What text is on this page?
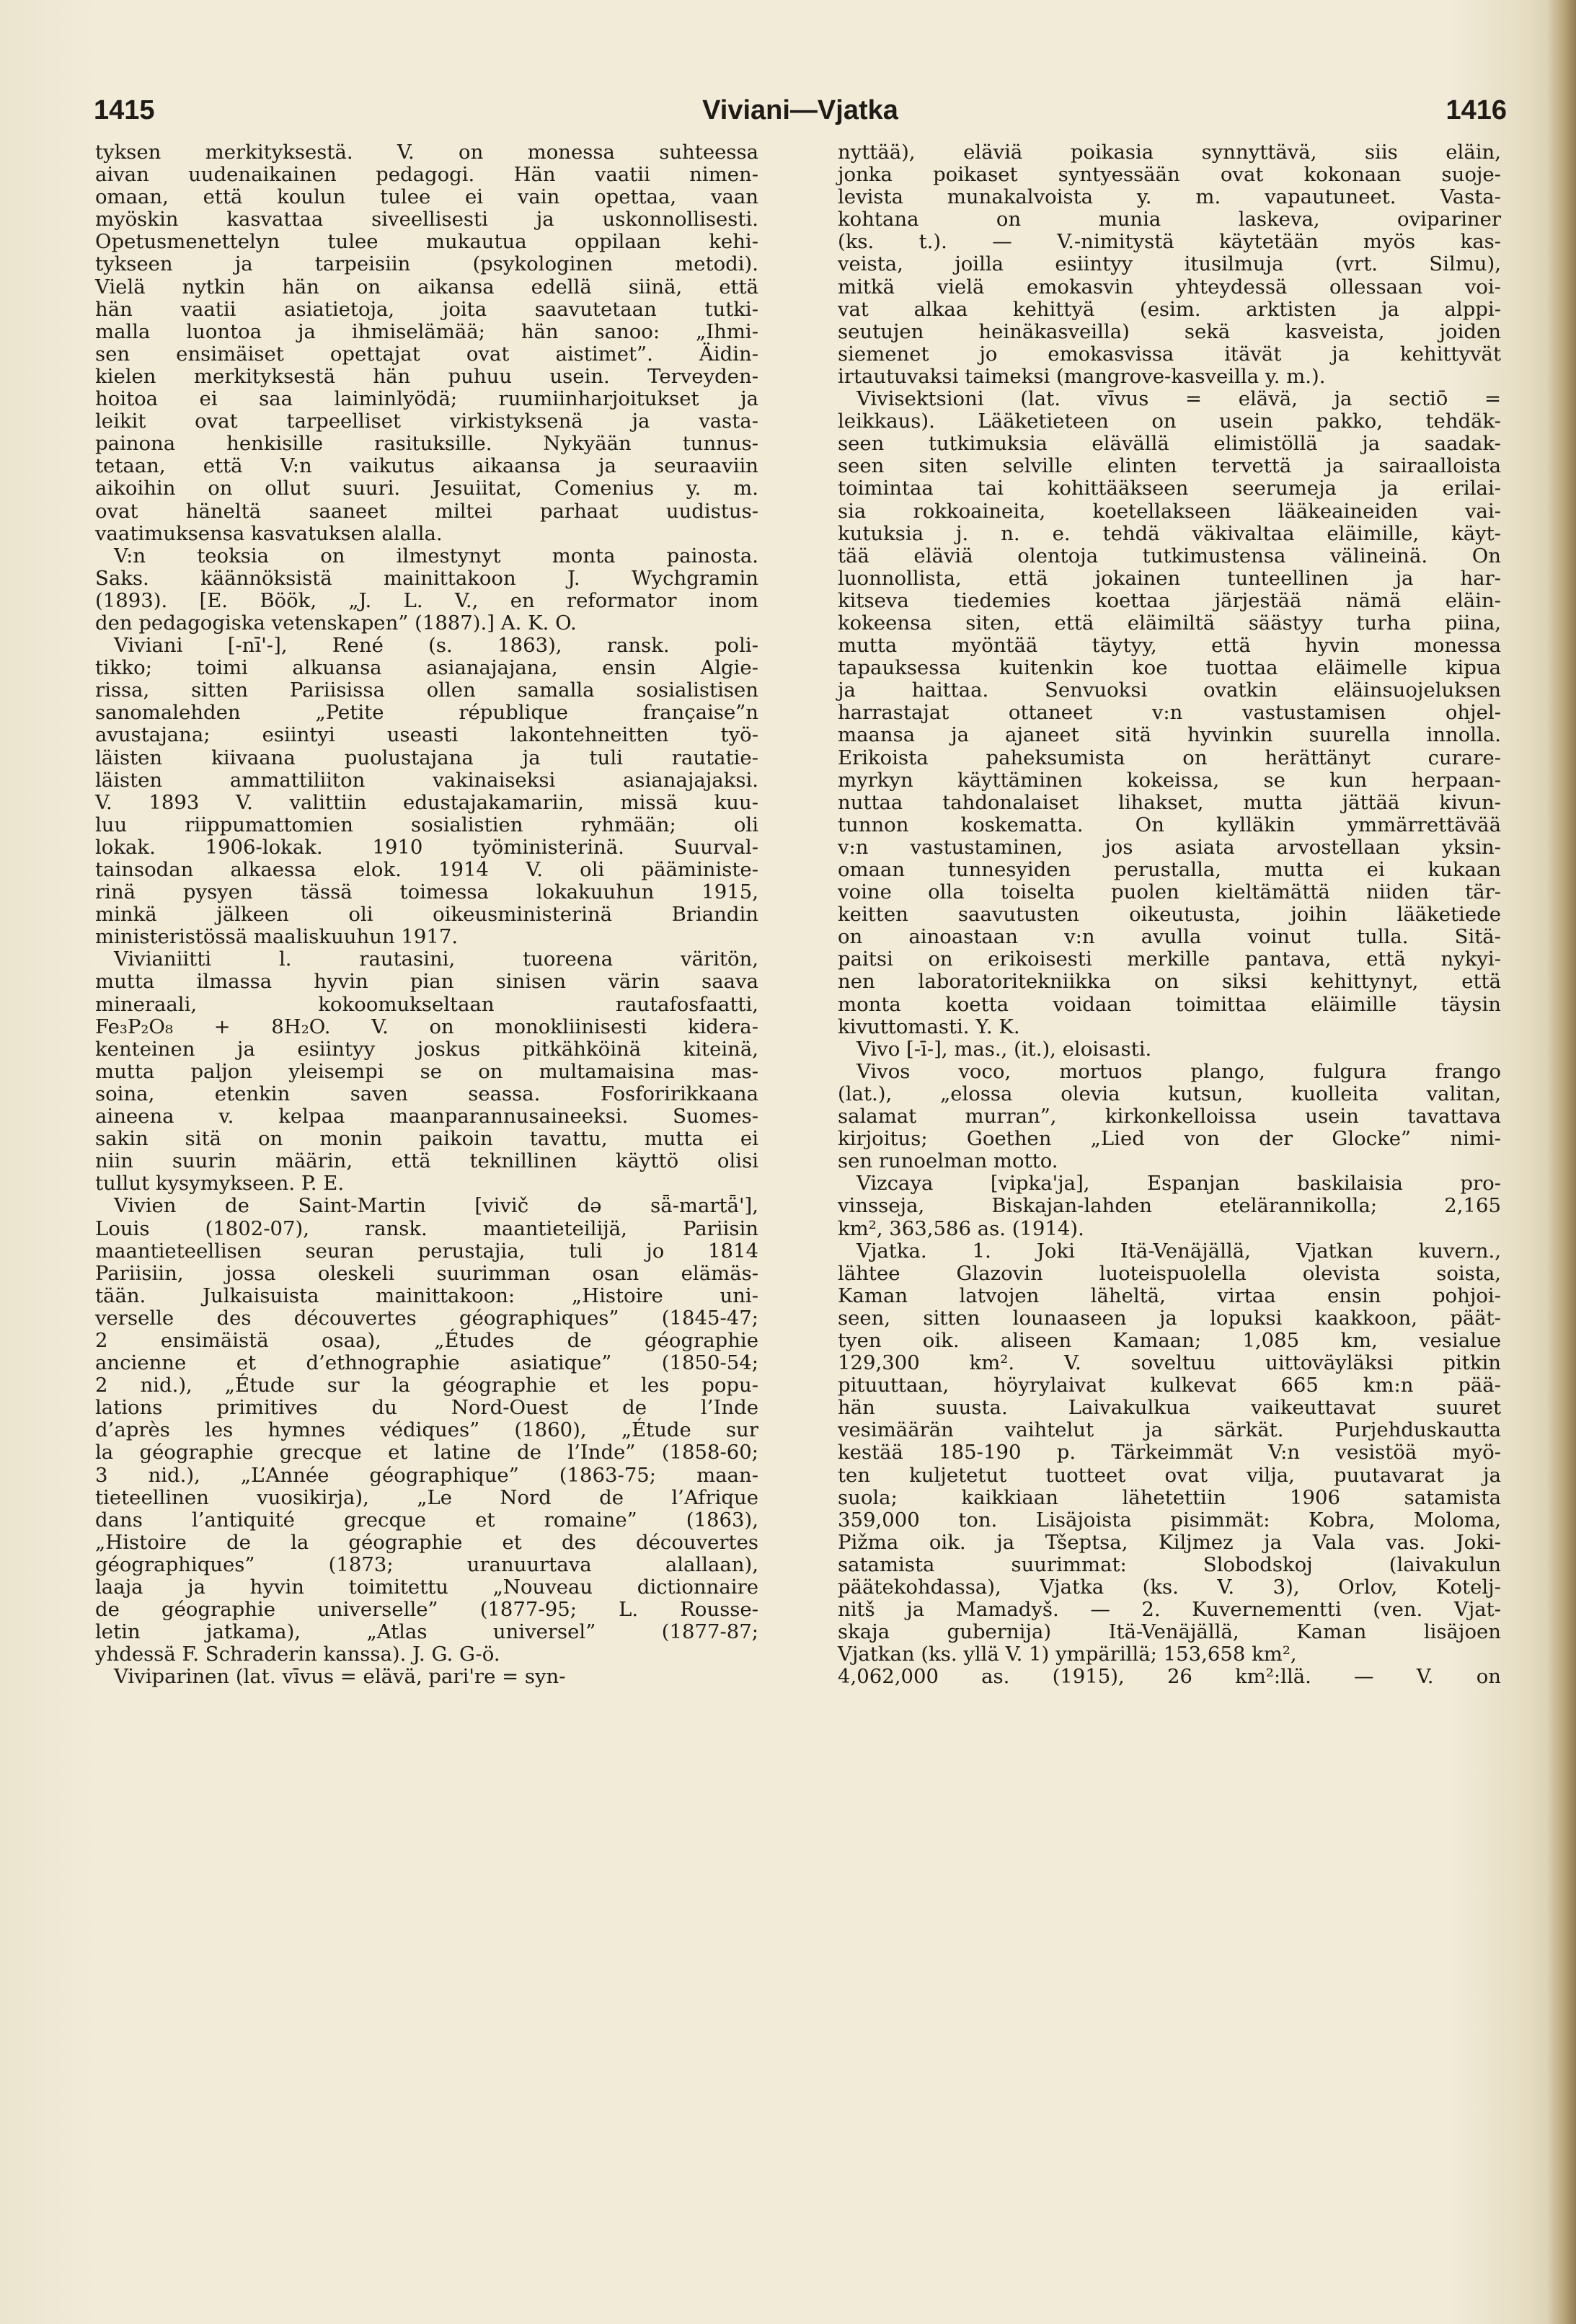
1415	Viviani—Vjatka	1416
tyksen merkityksestä. V. on monessa suhteessa
aivan uudenaikainen pedagogi. Hän vaatii nimen-
omaan, että koulun tulee ei vain opettaa, vaan
myöskin kasvattaa siveellisesti ja uskonnollisesti.
Opetusmenettelyn tulee mukautua oppilaan kehi-
tykseen ja tarpeisiin (psykologinen metodi).
Vielä nytkin hän on aikansa edellä siinä, että
hän vaatii asiatietoja, joita saavutetaan tutki-
malla luontoa ja ihmiselämää; hän sanoo: „Ihmi-
sen ensimäiset opettajat ovat aistimet”. Äidin-
kielen merkityksestä hän puhuu usein. Terveyden-
hoitoa ei saa laiminlyödä; ruumiinharjoitukset ja
leikit ovat tarpeelliset virkistyksenä ja vasta-
painona henkisille rasituksille. Nykyään tunnus-
tetaan, että V:n vaikutus aikaansa ja seuraaviin
aikoihin on ollut suuri. Jesuiitat, Comenius y. m.
ovat häneltä saaneet miltei parhaat uudistus-
vaatimuksensa kasvatuksen alalla.
V:n teoksia on ilmestynyt monta painosta.
Saks. käännöksistä mainittakoon J. Wychgramin
(1893). [E. Böök, „J. L. V., en reformator inom
den pedagogiska vetenskapen” (1887).] A. K. O.
Viviani [-nī'-], René (s. 1863), ransk. poli-
tikko; toimi alkuansa asianajajana, ensin Algie-
rissa, sitten Pariisissa ollen samalla sosialistisen
sanomalehden „Petite république française”n
avustajana; esiintyi useasti lakontehneitten työ-
läisten kiivaana puolustajana ja tuli rautatie-
läisten ammattiliiton vakinaiseksi asianajajaksi.
V. 1893 V. valittiin edustajakamariin, missä kuu-
luu riippumattomien sosialistien ryhmään; oli
lokak. 1906-lokak. 1910 työministerinä. Suurval-
tainsodan alkaessa elok. 1914 V. oli pääministe-
rinä pysyen tässä toimessa lokakuuhun 1915,
minkä jälkeen oli oikeusministerinä Briandin
ministeristössä maaliskuuhun 1917.
Vivianiitti l. rautasini, tuoreena väritön,
mutta ilmassa hyvin pian sinisen värin saava
mineraali, kokoomukseltaan rautafosfaatti,
Fe₃P₂O₈ + 8H₂O. V. on monokliinisesti kidera-
kenteinen ja esiintyy joskus pitkähköinä kiteinä,
mutta paljon yleisempi se on multamaisina mas-
soina, etenkin saven seassa. Fosforirikkaana
aineena v. kelpaa maanparannusaineeksi. Suomes-
sakin sitä on monin paikoin tavattu, mutta ei
niin suurin määrin, että teknillinen käyttö olisi
tullut kysymykseen. P. E.
Vivien de Saint-Martin [vivič də sǟ-martǟ'],
Louis (1802-07), ransk. maantieteilijä, Pariisin
maantieteellisen seuran perustajia, tuli jo 1814
Pariisiin, jossa oleskeli suurimman osan elämäs-
tään. Julkaisuista mainittakoon: „Histoire uni-
verselle des découvertes géographiques” (1845-47;
2 ensimäistä osaa), „Études de géographie
ancienne et d’ethnographie asiatique” (1850-54;
2 nid.), „Étude sur la géographie et les popu-
lations primitives du Nord-Ouest de l’Inde
d’après les hymnes védiques” (1860), „Étude sur
la géographie grecque et latine de l’Inde” (1858-60;
3 nid.), „L’Année géographique” (1863-75; maan-
tieteellinen vuosikirja), „Le Nord de l’Afrique
dans l’antiquité grecque et romaine” (1863),
„Histoire de la géographie et des découvertes
géographiques” (1873; uranuurtava alallaan),
laaja ja hyvin toimitettu „Nouveau dictionnaire
de géographie universelle” (1877-95; L. Rousse-
letin jatkama), „Atlas universel” (1877-87;
yhdessä F. Schraderin kanssa). J. G. G-ö.
Viviparinen (lat. vīvus = elävä, pari're = syn-
nyttää), eläviä poikasia synnyttävä, siis eläin,
jonka poikaset syntyessään ovat kokonaan suoje-
levista munakalvoista y. m. vapautuneet. Vasta-
kohtana on munia laskeva, ovipariner
(ks. t.). — V.-nimitystä käytetään myös kas-
veista, joilla esiintyy itusilmuja (vrt. Silmu),
mitkä vielä emokasvin yhteydessä ollessaan voi-
vat alkaa kehittyä (esim. arktisten ja alppi-
seutujen heinäkasveilla) sekä kasveista, joiden
siemenet jo emokasvissa itävät ja kehittyvät
irtautuvaksi taimeksi (mangrove-kasveilla y. m.).
Vivisektsioni (lat. vīvus = elävä, ja sectiō =
leikkaus). Lääketieteen on usein pakko, tehdäk-
seen tutkimuksia elävällä elimistöllä ja saadak-
seen siten selville elinten tervettä ja sairaalloista
toimintaa tai kohittääkseen seerumeja ja erilai-
sia rokkoaineita, koetellakseen lääkeaineiden vai-
kutuksia j. n. e. tehdä väkivaltaa eläimille, käyt-
tää eläviä olentoja tutkimustensa välineinä. On
luonnollista, että jokainen tunteellinen ja har-
kitseva tiedemies koettaa järjestää nämä eläin-
kokeensa siten, että eläimiltä säästyy turha piina,
mutta myöntää täytyy, että hyvin monessa
tapauksessa kuitenkin koe tuottaa eläimelle kipua
ja haittaa. Senvuoksi ovatkin eläinsuojeluksen
harrastajat ottaneet v:n vastustamisen ohjel-
maansa ja ajaneet sitä hyvinkin suurella innolla.
Erikoista paheksumista on herättänyt curare-
myrkyn käyttäminen kokeissa, se kun herpaan-
nuttaa tahdonalaiset lihakset, mutta jättää kivun-
tunnon koskematta. On kylläkin ymmärrettävää
v:n vastustaminen, jos asiata arvostellaan yksin-
omaan tunnesyiden perustalla, mutta ei kukaan
voine olla toiselta puolen kieltämättä niiden tär-
keitten saavutusten oikeutusta, joihin lääketiede
on ainoastaan v:n avulla voinut tulla. Sitä-
paitsi on erikoisesti merkille pantava, että nykyi-
nen laboratoritekniikka on siksi kehittynyt, että
monta koetta voidaan toimittaa eläimille täysin
kivuttomasti. Y. K.
Vivo [-ī-], mas., (it.), eloisasti.
Vivos voco, mortuos plango, fulgura frango
(lat.), „elossa olevia kutsun, kuolleita valitan,
salamat murran”, kirkonkelloissa usein tavattava
kirjoitus; Goethen „Lied von der Glocke” nimi-
sen runoelman motto.
Vizcaya [vipka'ja], Espanjan baskilaisia pro-
vinsseja, Biskajan-lahden etelärannikolla; 2,165
km², 363,586 as. (1914).
Vjatka. 1. Joki Itä-Venäjällä, Vjatkan kuvern.,
lähtee Glazovin luoteispuolella olevista soista,
Kaman latvojen läheltä, virtaa ensin pohjoi-
seen, sitten lounaaseen ja lopuksi kaakkoon, päät-
tyen oik. aliseen Kamaan; 1,085 km, vesialue
129,300 km². V. soveltuu uittoväyläksi pitkin
pituuttaan, höyrylaivat kulkevat 665 km:n pää-
hän suusta. Laivakulkua vaikeuttavat suuret
vesimäärän vaihtelut ja särkät. Purjehduskautta
kestää 185-190 p. Tärkeimmät V:n vesistöä myö-
ten kuljetetut tuotteet ovat vilja, puutavarat ja
suola; kaikkiaan lähetettiin 1906 satamista
359,000 ton. Lisäjoista pisimmät: Kobra, Moloma,
Pižma oik. ja Tšeptsa, Kiljmez ja Vala vas. Joki-
satamista suurimmat: Slobodskoj (laivakulun
päätekohdassa), Vjatka (ks. V. 3), Orlov, Kotelj-
nitš ja Mamadyš. — 2. Kuvernementti (ven. Vjat-
skaja gubernija) Itä-Venäjällä, Kaman lisäjoen
Vjatkan (ks. yllä V. 1) ympärillä; 153,658 km²,
4,062,000 as. (1915), 26 km²:llä. — V. on
